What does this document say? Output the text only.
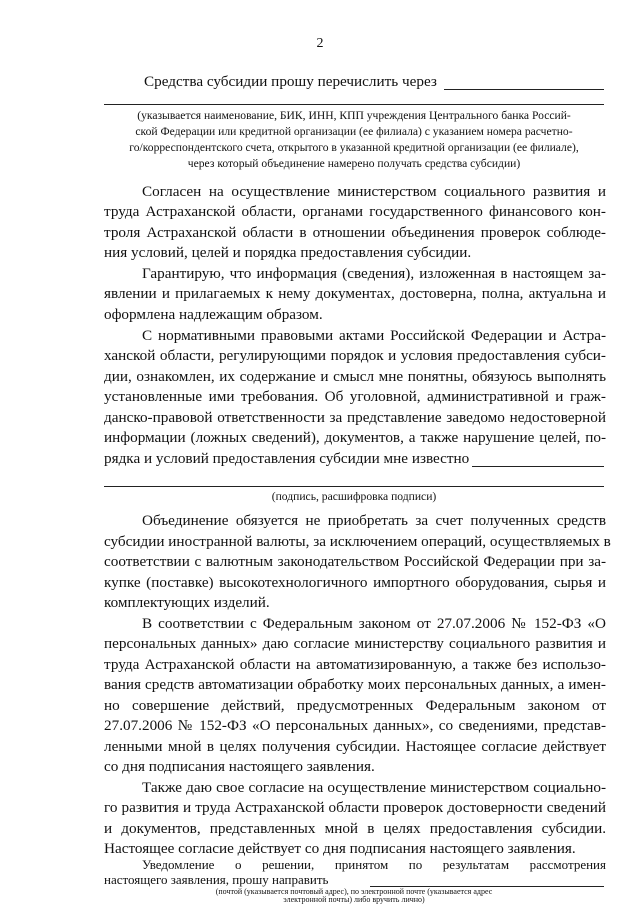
2
Средства субсидии прошу перечислить через
(указывается наименование, БИК, ИНН, КПП учреждения Центрального банка Россий-
ской Федерации или кредитной организации (ее филиала) с указанием номера расчетно-
го/корреспондентского счета, открытого в указанной кредитной организации (ее филиале),
через который объединение намерено получать средства субсидии)
Согласен на осуществление министерством социального развития и
труда Астраханской области, органами государственного финансового кон-
троля Астраханской области в отношении объединения проверок соблюде-
ния условий, целей и порядка предоставления субсидии.
Гарантирую, что информация (сведения), изложенная в настоящем за-
явлении и прилагаемых к нему документах, достоверна, полна, актуальна и
оформлена надлежащим образом.
С нормативными правовыми актами Российской Федерации и Астра-
ханской области, регулирующими порядок и условия предоставления субси-
дии, ознакомлен, их содержание и смысл мне понятны, обязуюсь выполнять
установленные ими требования. Об уголовной, административной и граж-
данско-правовой ответственности за представление заведомо недостоверной
информации (ложных сведений), документов, а также нарушение целей, по-
рядка и условий предоставления субсидии мне известно
(подпись, расшифровка подписи)
Объединение обязуется не приобретать за счет полученных средств
субсидии иностранной валюты, за исключением операций, осуществляемых в
соответствии с валютным законодательством Российской Федерации при за-
купке (поставке) высокотехнологичного импортного оборудования, сырья и
комплектующих изделий.
В соответствии с Федеральным законом от 27.07.2006 № 152-ФЗ «О
персональных данных» даю согласие министерству социального развития и
труда Астраханской области на автоматизированную, а также без использо-
вания средств автоматизации обработку моих персональных данных, а имен-
но совершение действий, предусмотренных Федеральным законом от
27.07.2006 № 152-ФЗ «О персональных данных», со сведениями, представ-
ленными мной в целях получения субсидии. Настоящее согласие действует
со дня подписания настоящего заявления.
Также даю свое согласие на осуществление министерством социально-
го развития и труда Астраханской области проверок достоверности сведений
и документов, представленных мной в целях предоставления субсидии.
Настоящее согласие действует со дня подписания настоящего заявления.
Уведомление о решении, принятом по результатам рассмотрения
настоящего заявления, прошу направить
(почтой (указывается почтовый адрес), по электронной почте (указывается адрес
электронной почты) либо вручить лично)
